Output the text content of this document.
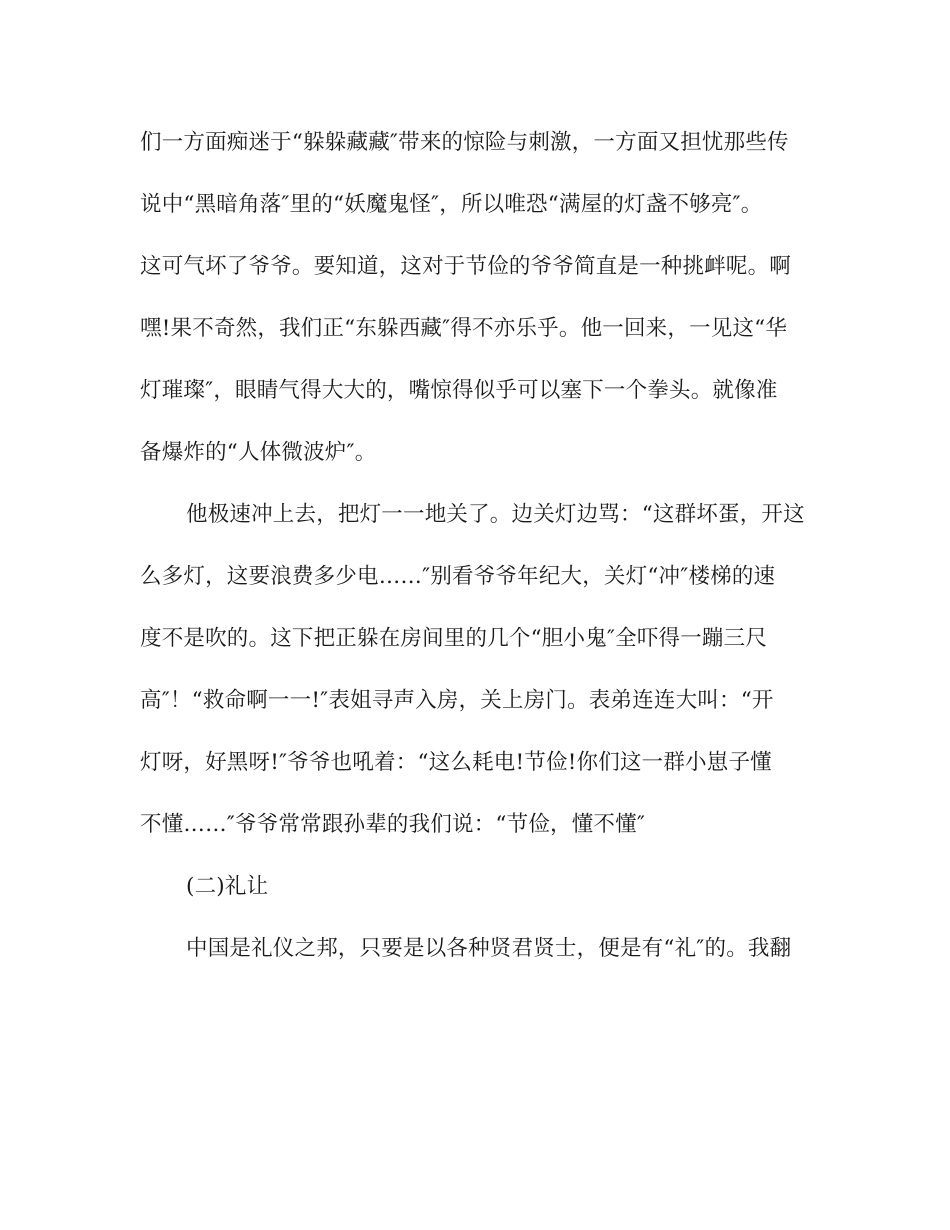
们一方面痴迷于“躲躲藏藏″带来的惊险与刺激，一方面又担忧那些传
说中“黑暗角落″里的“妖魔鬼怪″，所以唯恐“满屋的灯盏不够亮″。
这可气坏了爷爷。要知道，这对于节俭的爷爷简直是一种挑衅呢。啊
嘿!果不奇然，我们正“东躲西藏″得不亦乐乎。他一回来，一见这“华
灯璀璨″，眼睛气得大大的，嘴惊得似乎可以塞下一个拳头。就像准
备爆炸的“人体微波炉″。
他极速冲上去，把灯一一地关了。边关灯边骂：“这群坏蛋，开这
么多灯，这要浪费多少电……″别看爷爷年纪大，关灯“冲″楼梯的速
度不是吹的。这下把正躲在房间里的几个“胆小鬼″全吓得一蹦三尺
高″！“救命啊一一!″表姐寻声入房，关上房门。表弟连连大叫：“开
灯呀，好黑呀!″爷爷也吼着：“这么耗电!节俭!你们这一群小崽子懂
不懂……″爷爷常常跟孙辈的我们说：“节俭，懂不懂″
(二)礼让
中国是礼仪之邦，只要是以各种贤君贤士，便是有“礼″的。我翻
